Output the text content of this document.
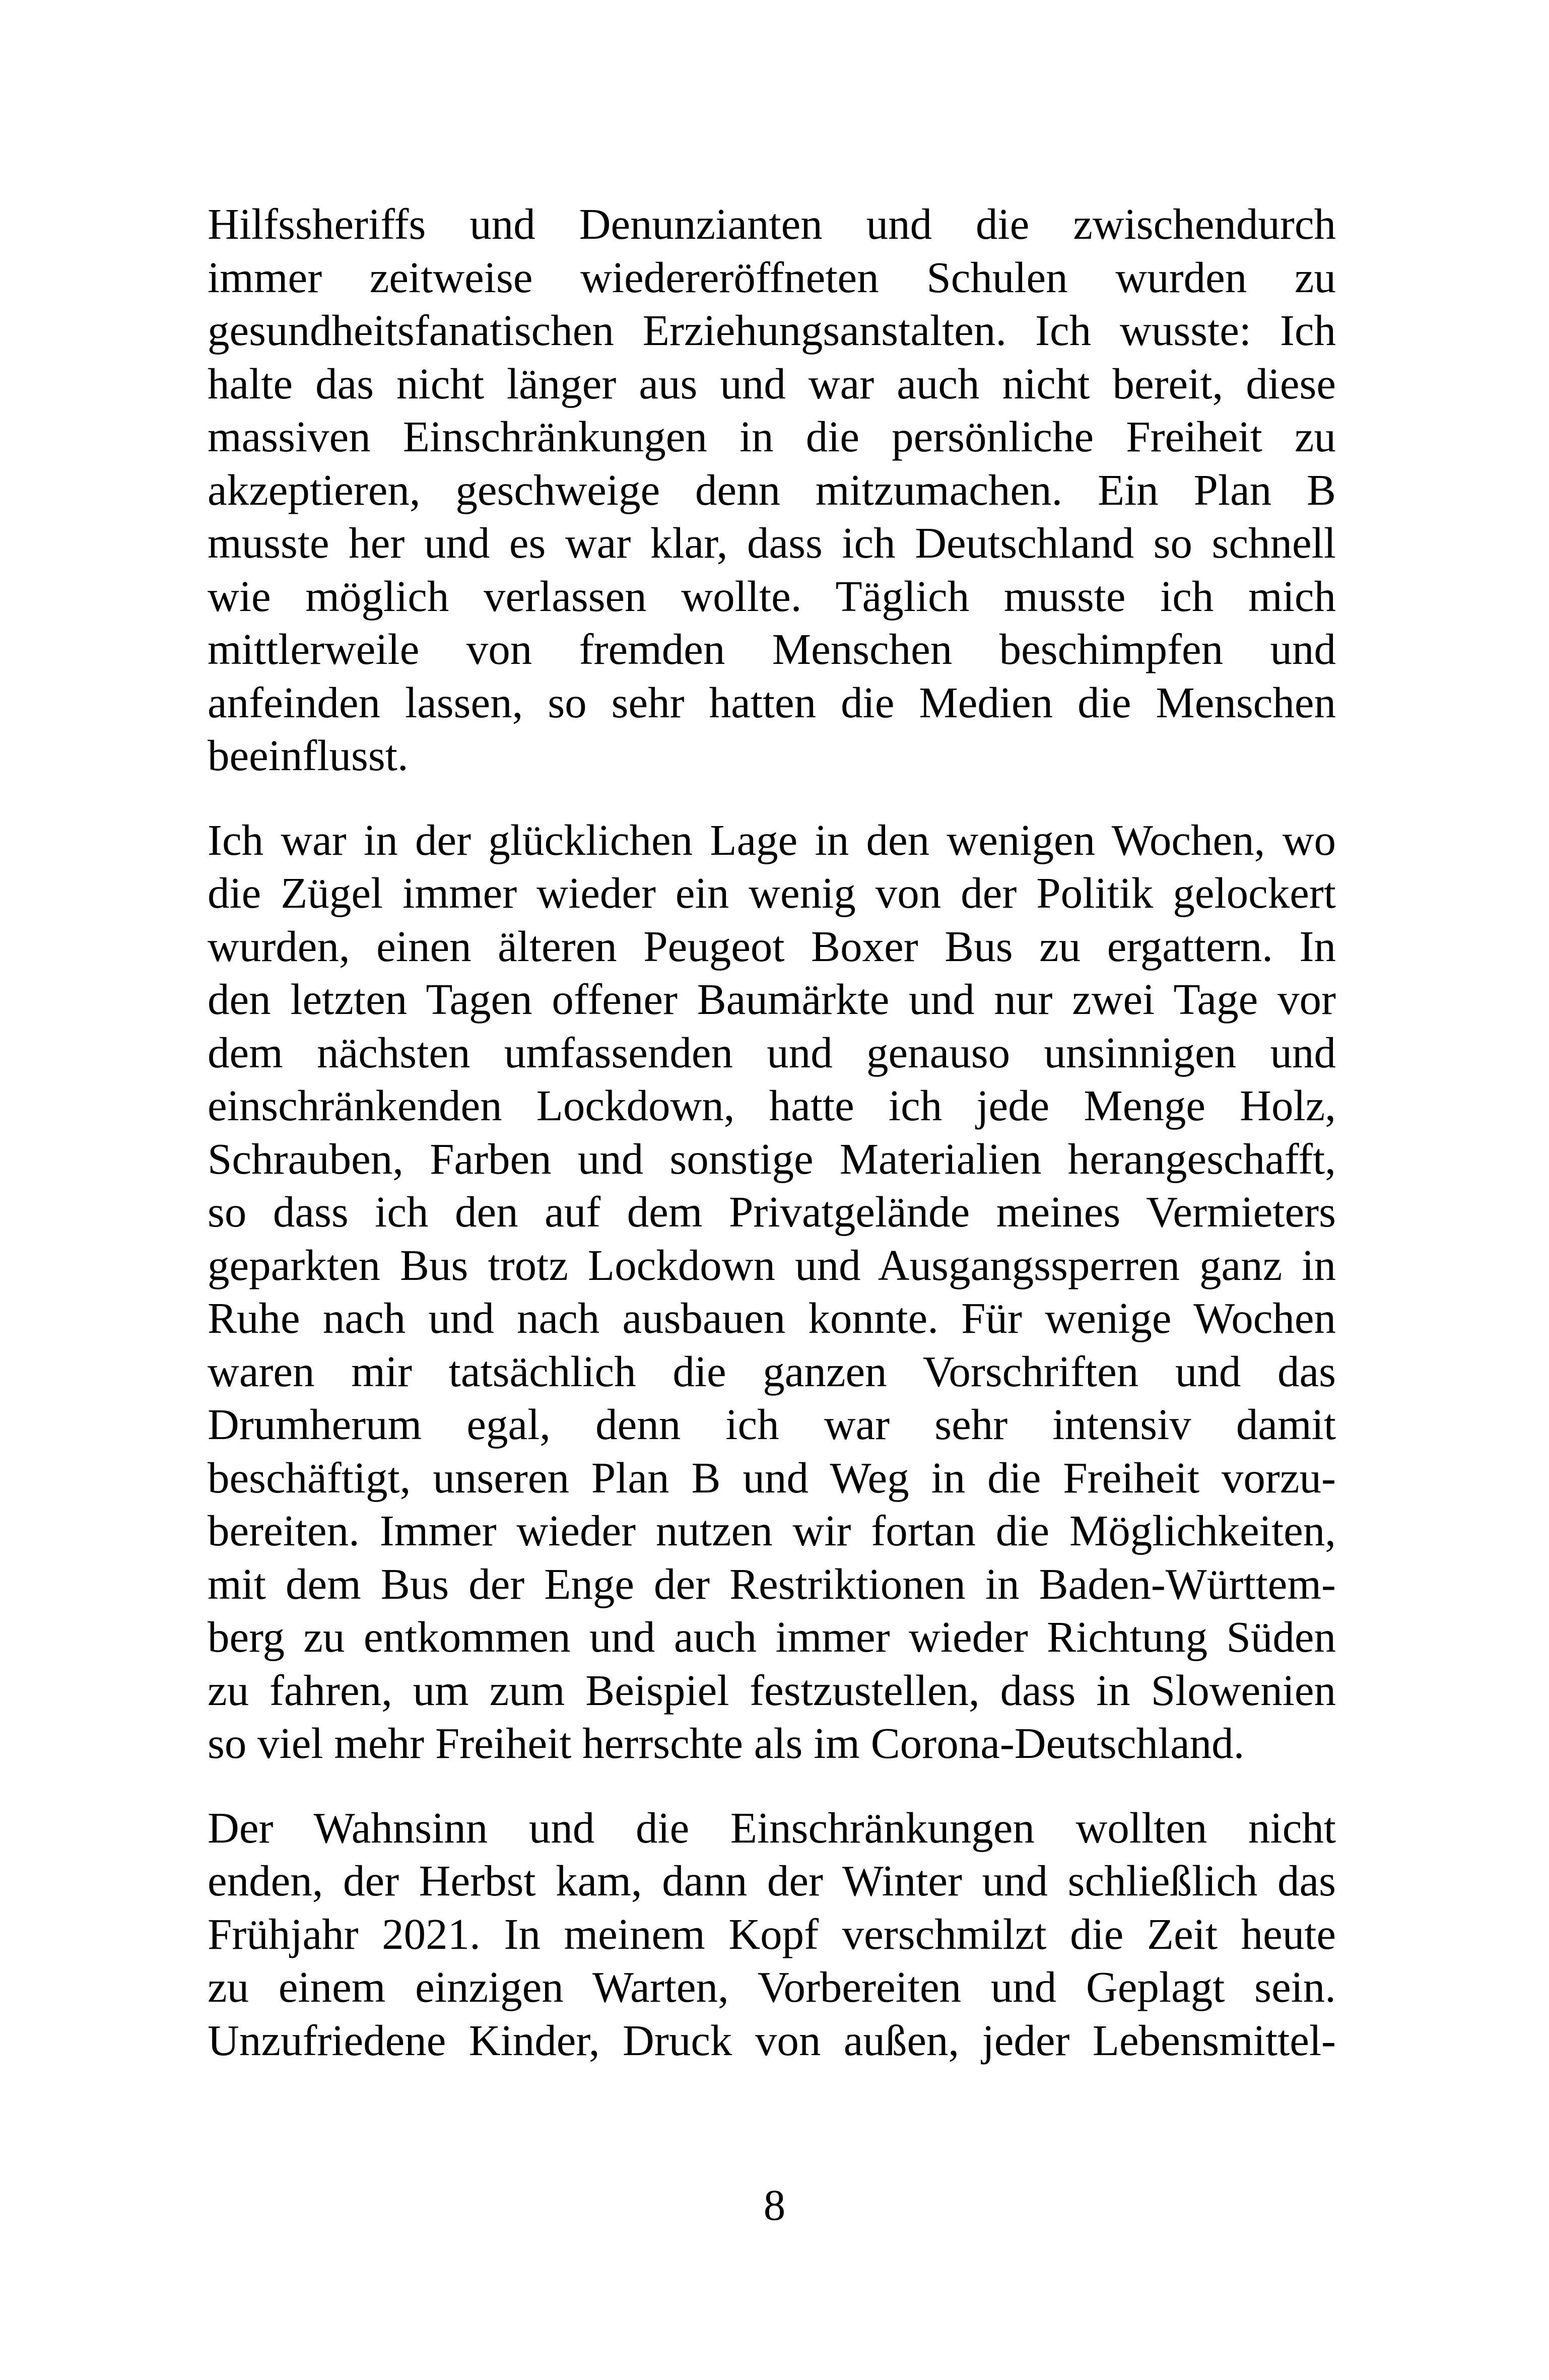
Hilfssheriffs und Denunzianten und die zwischendurch
immer zeitweise wiedereröffneten Schulen wurden zu
gesundheitsfanatischen Erziehungsanstalten. Ich wusste: Ich
halte das nicht länger aus und war auch nicht bereit, diese
massiven Einschränkungen in die persönliche Freiheit zu
akzeptieren, geschweige denn mitzumachen. Ein Plan B
musste her und es war klar, dass ich Deutschland so schnell
wie möglich verlassen wollte. Täglich musste ich mich
mittlerweile von fremden Menschen beschimpfen und
anfeinden lassen, so sehr hatten die Medien die Menschen
beeinflusst.

Ich war in der glücklichen Lage in den wenigen Wochen, wo
die Zügel immer wieder ein wenig von der Politik gelockert
wurden, einen älteren Peugeot Boxer Bus zu ergattern. In
den letzten Tagen offener Baumärkte und nur zwei Tage vor
dem nächsten umfassenden und genauso unsinnigen und
einschränkenden Lockdown, hatte ich jede Menge Holz,
Schrauben, Farben und sonstige Materialien herangeschafft,
so dass ich den auf dem Privatgelände meines Vermieters
geparkten Bus trotz Lockdown und Ausgangssperren ganz in
Ruhe nach und nach ausbauen konnte. Für wenige Wochen
waren mir tatsächlich die ganzen Vorschriften und das
Drumherum egal, denn ich war sehr intensiv damit
beschäftigt, unseren Plan B und Weg in die Freiheit vorzu-
bereiten. Immer wieder nutzen wir fortan die Möglichkeiten,
mit dem Bus der Enge der Restriktionen in Baden-Württem-
berg zu entkommen und auch immer wieder Richtung Süden
zu fahren, um zum Beispiel festzustellen, dass in Slowenien
so viel mehr Freiheit herrschte als im Corona-Deutschland.

Der Wahnsinn und die Einschränkungen wollten nicht
enden, der Herbst kam, dann der Winter und schließlich das
Frühjahr 2021. In meinem Kopf verschmilzt die Zeit heute
zu einem einzigen Warten, Vorbereiten und Geplagt sein.
Unzufriedene Kinder, Druck von außen, jeder Lebensmittel-

8
